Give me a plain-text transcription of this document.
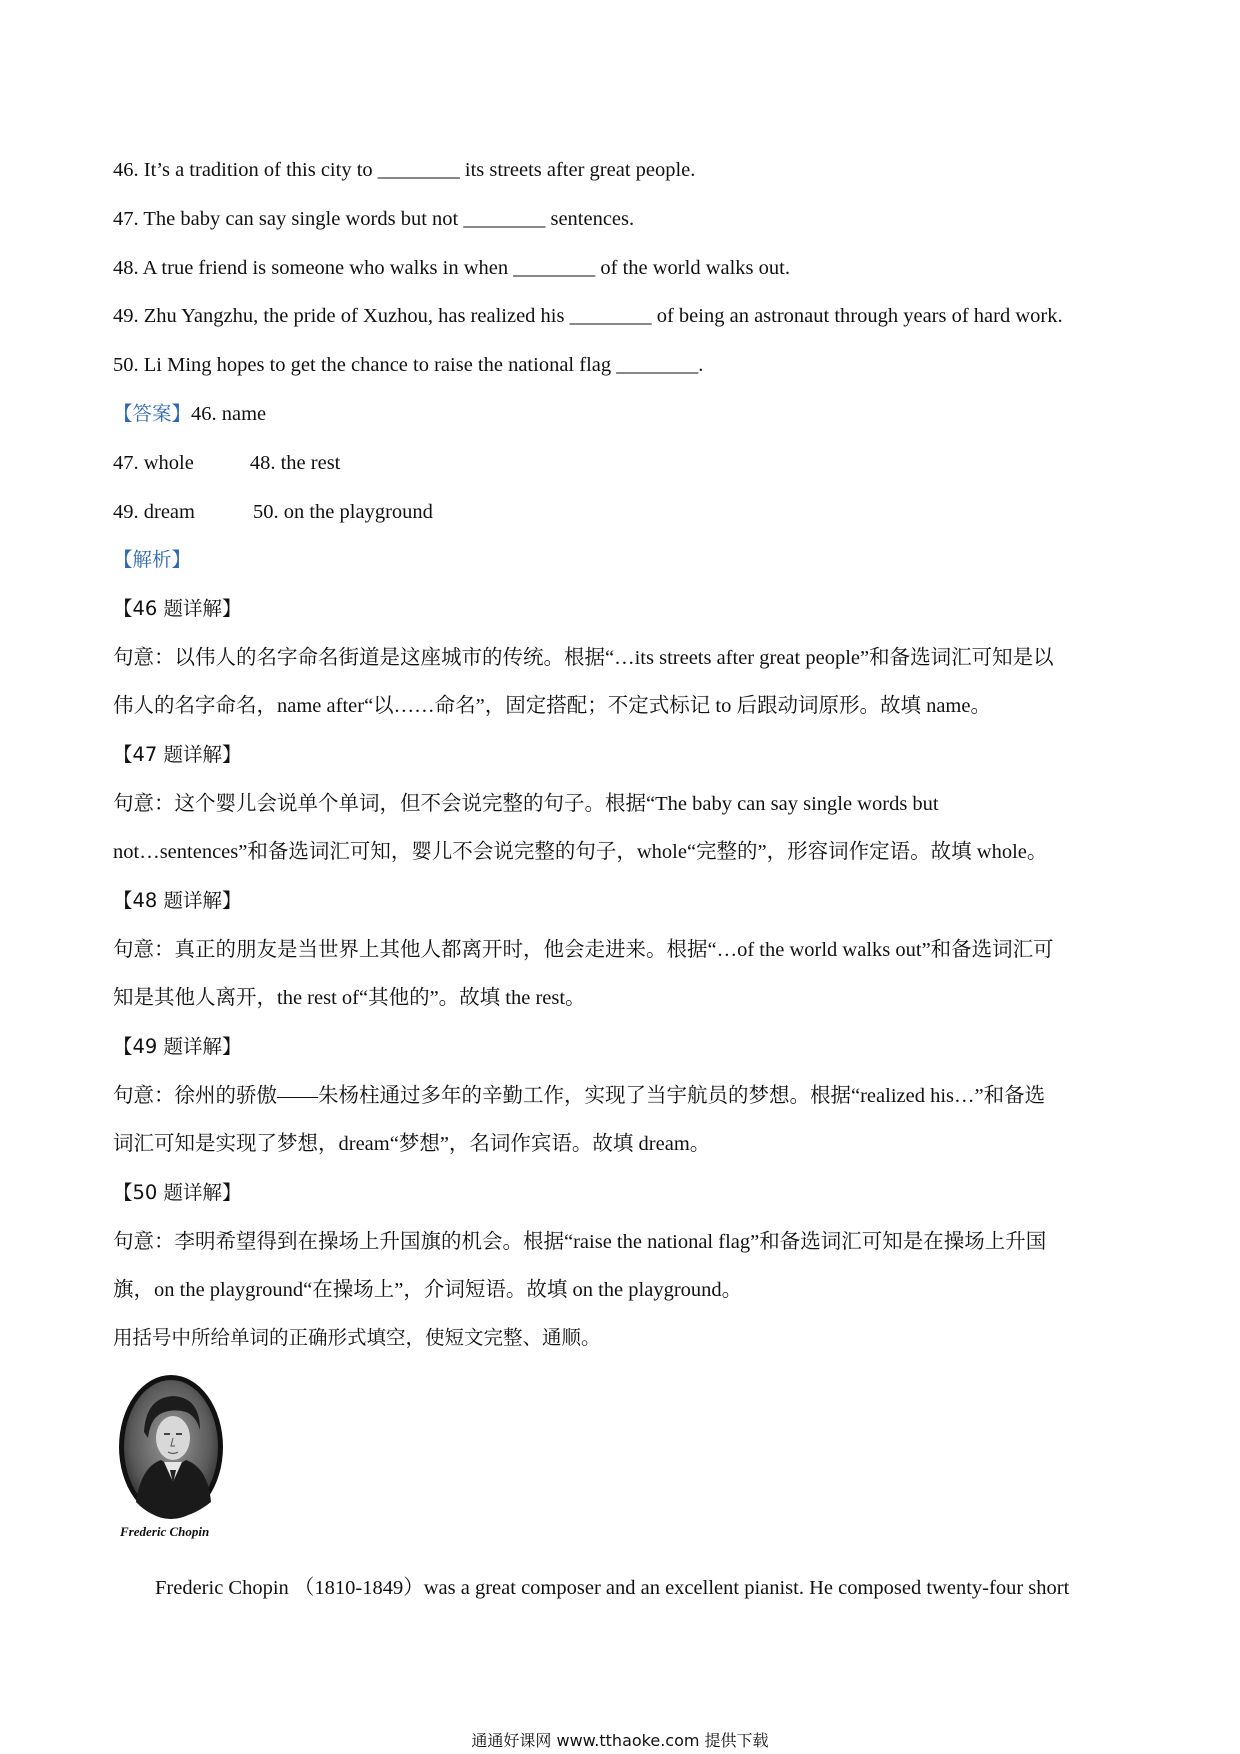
46. It’s a tradition of this city to ________ its streets after great people.
47. The baby can say single words but not ________ sentences.
48. A true friend is someone who walks in when ________ of the world walks out.
49. Zhu Yangzhu, the pride of Xuzhou, has realized his ________ of being an astronaut through years of hard work.
50. Li Ming hopes to get the chance to raise the national flag ________.
【答案】46. name
47. whole	48. the rest
49. dream	50. on the playground
【解析】
【46 题详解】
句意：以伟人的名字命名街道是这座城市的传统。根据“…its streets after great people”和备选词汇可知是以
伟人的名字命名，name after“以……命名”，固定搭配；不定式标记 to 后跟动词原形。故填 name。
【47 题详解】
句意：这个婴儿会说单个单词，但不会说完整的句子。根据“The baby can say single words but
not…sentences”和备选词汇可知，婴儿不会说完整的句子，whole“完整的”，形容词作定语。故填 whole。
【48 题详解】
句意：真正的朋友是当世界上其他人都离开时，他会走进来。根据“…of the world walks out”和备选词汇可
知是其他人离开，the rest of“其他的”。故填 the rest。
【49 题详解】
句意：徐州的骄傲——朱杨柱通过多年的辛勤工作，实现了当宇航员的梦想。根据“realized his…”和备选
词汇可知是实现了梦想，dream“梦想”，名词作宾语。故填 dream。
【50 题详解】
句意：李明希望得到在操场上升国旗的机会。根据“raise the national flag”和备选词汇可知是在操场上升国
旗，on the playground“在操场上”，介词短语。故填 on the playground。
用括号中所给单词的正确形式填空，使短文完整、通顺。
Frederic Chopin
Frederic Chopin （1810-1849）was a great composer and an excellent pianist. He composed twenty-four short
通通好课网 www.tthaoke.com 提供下载
